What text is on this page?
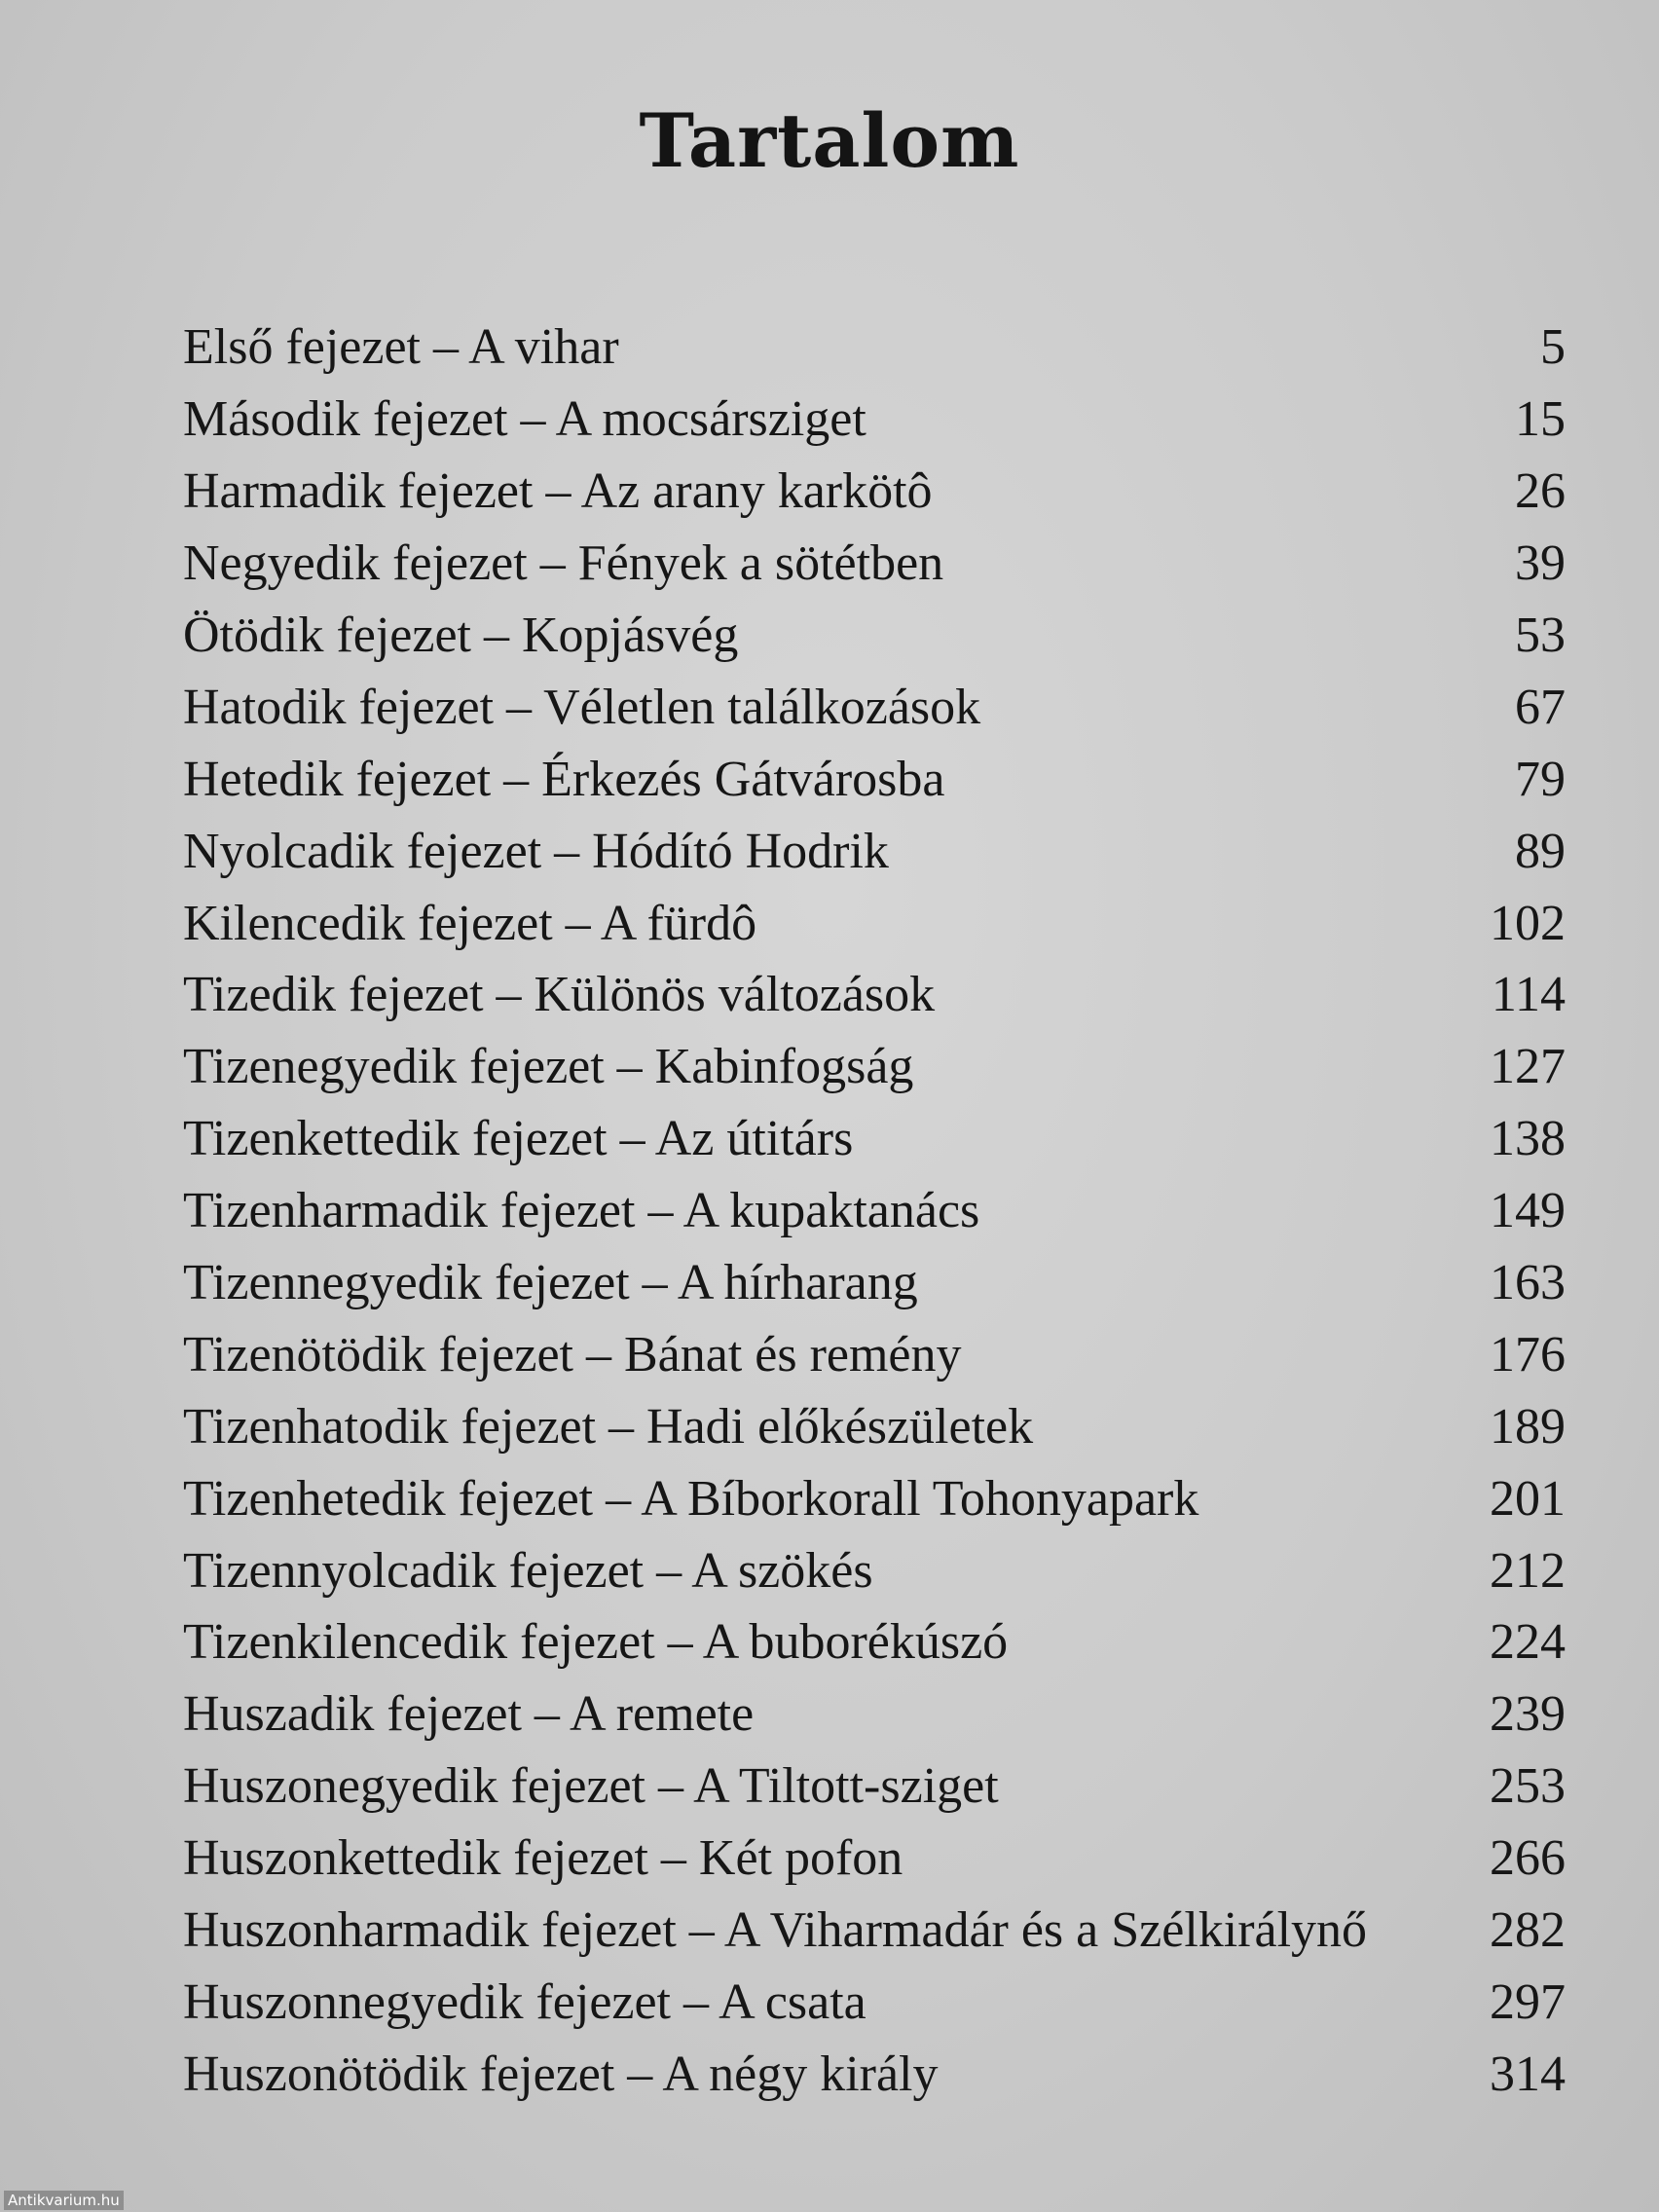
Tartalom
Első fejezet – A vihar	5
Második fejezet – A mocsársziget	15
Harmadik fejezet – Az arany karkötô	26
Negyedik fejezet – Fények a sötétben	39
Ötödik fejezet – Kopjásvég	53
Hatodik fejezet – Véletlen találkozások	67
Hetedik fejezet – Érkezés Gátvárosba	79
Nyolcadik fejezet – Hódító Hodrik	89
Kilencedik fejezet – A fürdô	102
Tizedik fejezet – Különös változások	114
Tizenegyedik fejezet – Kabinfogság	127
Tizenkettedik fejezet – Az útitárs	138
Tizenharmadik fejezet – A kupaktanács	149
Tizennegyedik fejezet – A hírharang	163
Tizenötödik fejezet – Bánat és remény	176
Tizenhatodik fejezet – Hadi előkészületek	189
Tizenhetedik fejezet – A Bíborkorall Tohonyapark	201
Tizennyolcadik fejezet – A szökés	212
Tizenkilencedik fejezet – A buborékúszó	224
Huszadik fejezet – A remete	239
Huszonegyedik fejezet – A Tiltott-sziget	253
Huszonkettedik fejezet – Két pofon	266
Huszonharmadik fejezet – A Viharmadár és a Szélkirálynő	282
Huszonnegyedik fejezet – A csata	297
Huszonötödik fejezet – A négy király	314
Antikvarium.hu
